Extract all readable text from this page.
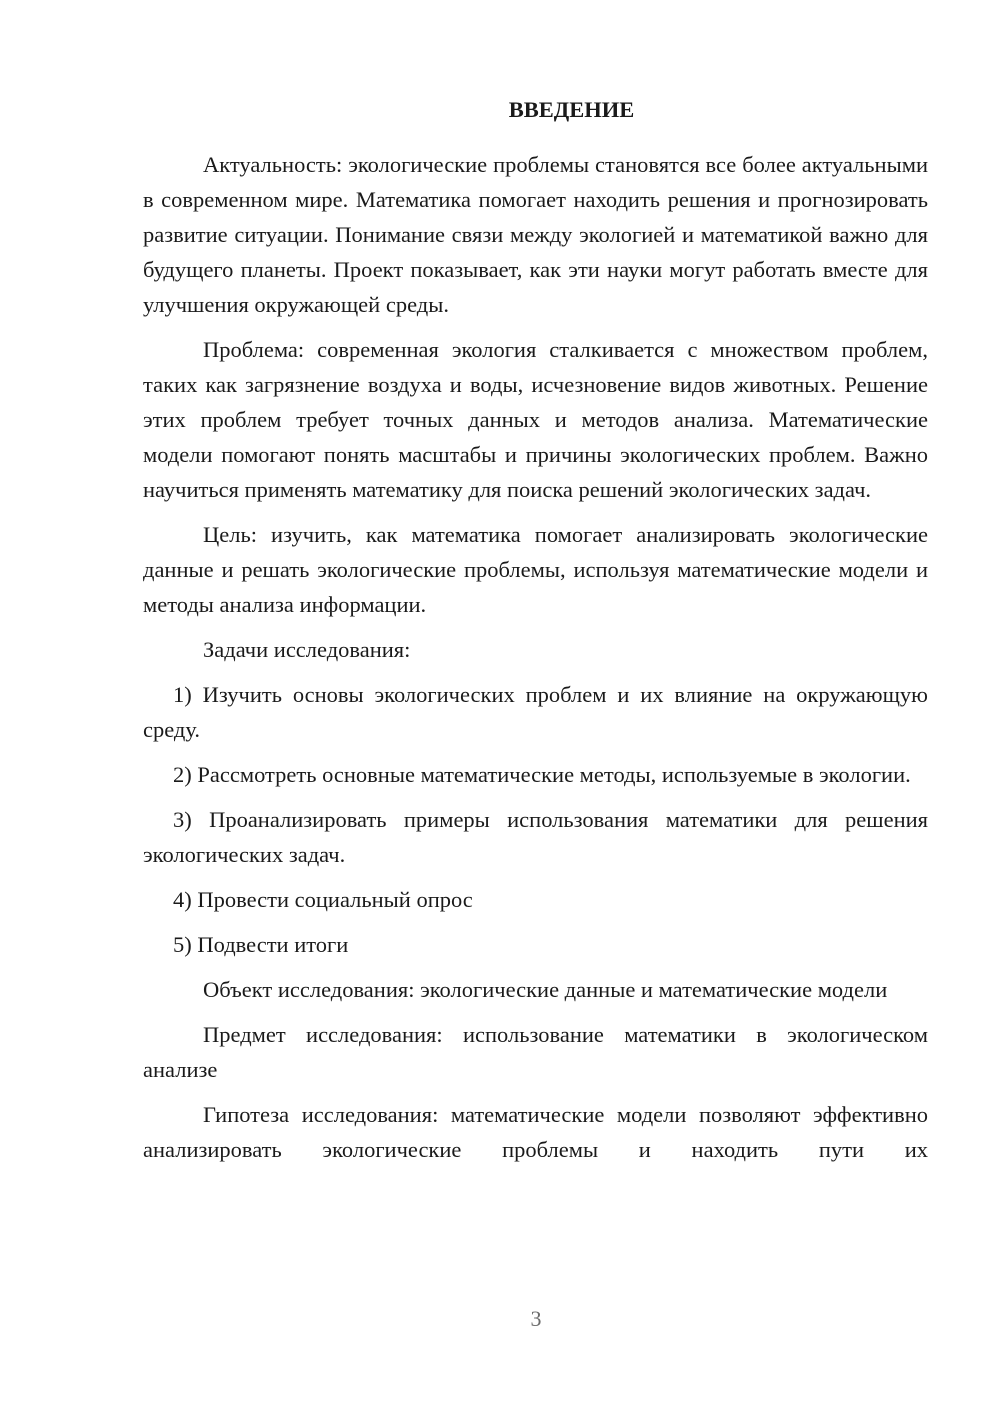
ВВЕДЕНИЕ

Актуальность: экологические проблемы становятся все более актуальными в современном мире. Математика помогает находить решения и прогнозировать развитие ситуации. Понимание связи между экологией и математикой важно для будущего планеты. Проект показывает, как эти науки могут работать вместе для улучшения окружающей среды.

Проблема: современная экология сталкивается с множеством проблем, таких как загрязнение воздуха и воды, исчезновение видов животных. Решение этих проблем требует точных данных и методов анализа. Математические модели помогают понять масштабы и причины экологических проблем. Важно научиться применять математику для поиска решений экологических задач.

Цель: изучить, как математика помогает анализировать экологические данные и решать экологические проблемы, используя математические модели и методы анализа информации.

Задачи исследования:

1) Изучить основы экологических проблем и их влияние на окружающую среду.

2) Рассмотреть основные математические методы, используемые в экологии.

3) Проанализировать примеры использования математики для решения экологических задач.

4) Провести социальный опрос

5) Подвести итоги

Объект исследования: экологические данные и математические модели

Предмет исследования: использование математики в экологическом анализе

Гипотеза исследования: математические модели позволяют эффективно анализировать экологические проблемы и находить пути их

3
